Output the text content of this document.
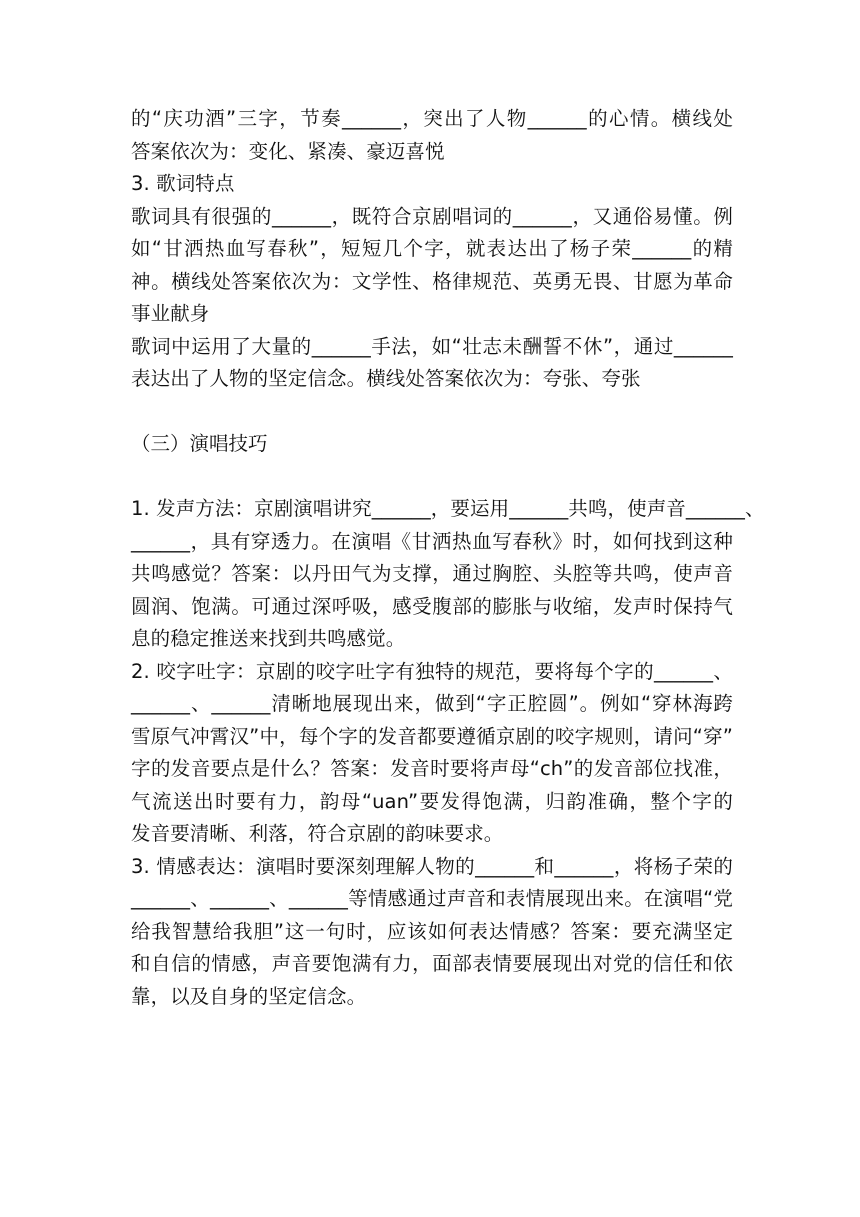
的“庆功酒”三字，节奏______，突出了人物______的心情。横线处
答案依次为：变化、紧凑、豪迈喜悦
3. 歌词特点
歌词具有很强的______，既符合京剧唱词的______，又通俗易懂。例
如“甘洒热血写春秋”，短短几个字，就表达出了杨子荣______的精
神。横线处答案依次为：文学性、格律规范、英勇无畏、甘愿为革命
事业献身
歌词中运用了大量的______手法，如“壮志未酬誓不休”，通过______
表达出了人物的坚定信念。横线处答案依次为：夸张、夸张
（三）演唱技巧
1. 发声方法：京剧演唱讲究______，要运用______共鸣，使声音______、
______，具有穿透力。在演唱《甘洒热血写春秋》时，如何找到这种
共鸣感觉？答案：以丹田气为支撑，通过胸腔、头腔等共鸣，使声音
圆润、饱满。可通过深呼吸，感受腹部的膨胀与收缩，发声时保持气
息的稳定推送来找到共鸣感觉。
2. 咬字吐字：京剧的咬字吐字有独特的规范，要将每个字的______、
______、______清晰地展现出来，做到“字正腔圆”。例如“穿林海跨
雪原气冲霄汉”中，每个字的发音都要遵循京剧的咬字规则，请问“穿”
字的发音要点是什么？答案：发音时要将声母“ch”的发音部位找准，
气流送出时要有力，韵母“uan”要发得饱满，归韵准确，整个字的
发音要清晰、利落，符合京剧的韵味要求。
3. 情感表达：演唱时要深刻理解人物的______和______，将杨子荣的
______、______、______等情感通过声音和表情展现出来。在演唱“党
给我智慧给我胆”这一句时，应该如何表达情感？答案：要充满坚定
和自信的情感，声音要饱满有力，面部表情要展现出对党的信任和依
靠，以及自身的坚定信念。
